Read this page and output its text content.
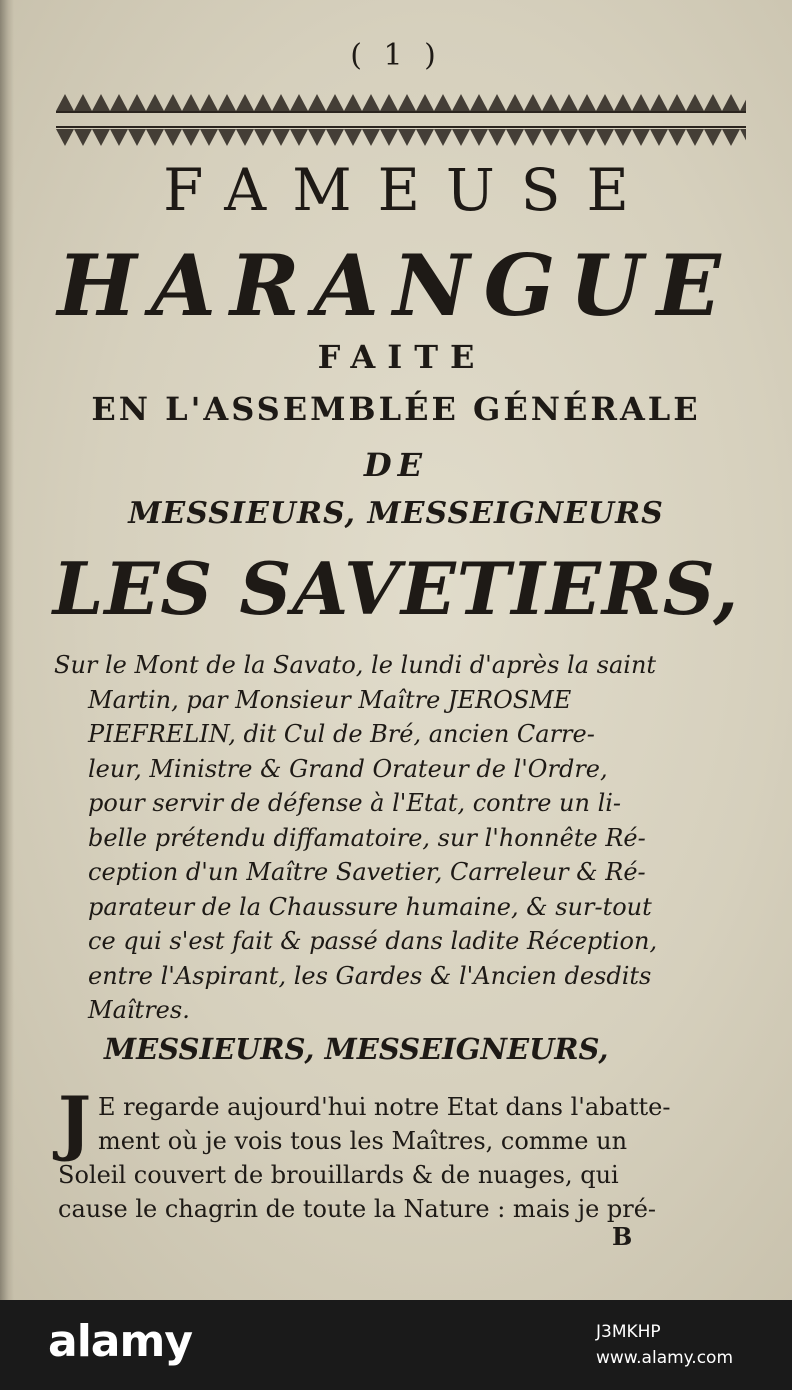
( 1 )
FAMEUSE
HARANGUE
FAITE
EN L'ASSEMBLÉE GÉNÉRALE
DE
MESSIEURS, MESSEIGNEURS
LES SAVETIERS,
Sur le Mont de la Savato, le lundi d'après la saint
Martin, par Monsieur Maître JEROSME
PIEFRELIN, dit Cul de Bré, ancien Carre-
leur, Ministre & Grand Orateur de l'Ordre,
pour servir de défense à l'Etat, contre un li-
belle prétendu diffamatoire, sur l'honnête Ré-
ception d'un Maître Savetier, Carreleur & Ré-
parateur de la Chaussure humaine, & sur-tout
ce qui s'est fait & passé dans ladite Réception,
entre l'Aspirant, les Gardes & l'Ancien desdits
Maîtres.
MESSIEURS, MESSEIGNEURS,
J E regarde aujourd'hui notre Etat dans l'abatte-
ment où je vois tous les Maîtres, comme un
Soleil couvert de brouillards & de nuages, qui
cause le chagrin de toute la Nature : mais je pré-
B
alamy	J3MKHP
www.alamy.com
